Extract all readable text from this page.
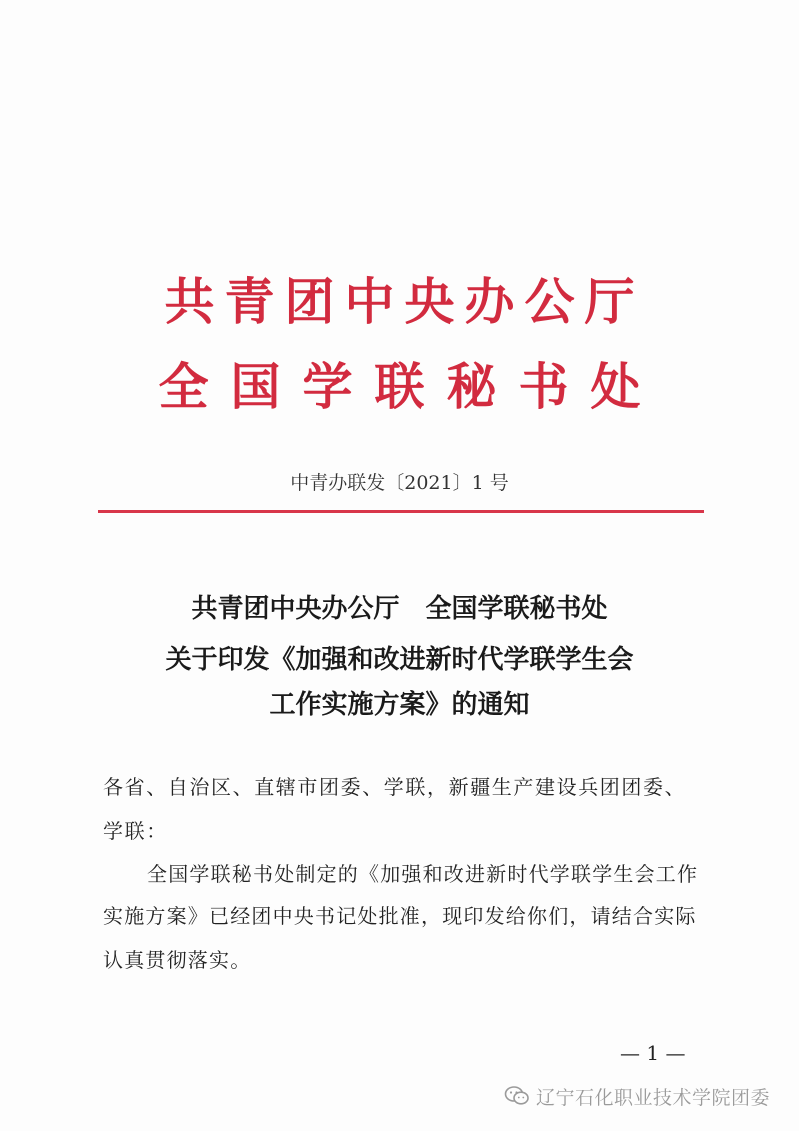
共青团中央办公厅
全国学联秘书处
中青办联发〔2021〕1 号
共青团中央办公厅　全国学联秘书处
关于印发《加强和改进新时代学联学生会
工作实施方案》的通知
各省、自治区、直辖市团委、学联，新疆生产建设兵团团委、
学联：
全国学联秘书处制定的《加强和改进新时代学联学生会工作
实施方案》已经团中央书记处批准，现印发给你们，请结合实际
认真贯彻落实。
— 1 —
辽宁石化职业技术学院团委
